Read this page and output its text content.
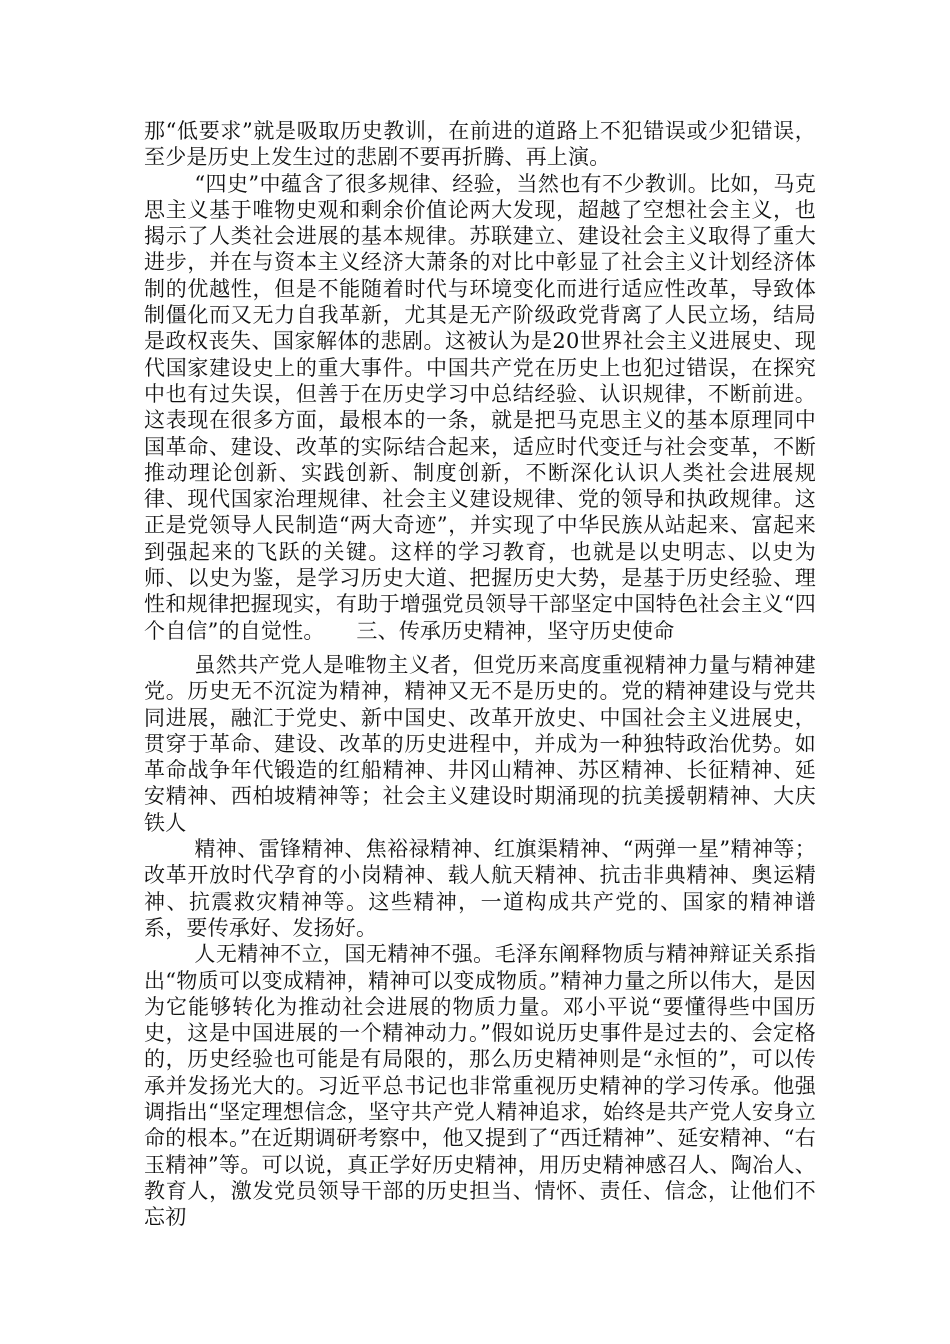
那“低要求”就是吸取历史教训，在前进的道路上不犯错误或少犯错误，至少是历史上发生过的悲剧不要再折腾、再上演。

“四史”中蕴含了很多规律、经验，当然也有不少教训。比如，马克思主义基于唯物史观和剩余价值论两大发现，超越了空想社会主义，也揭示了人类社会进展的基本规律。苏联建立、建设社会主义取得了重大进步，并在与资本主义经济大萧条的对比中彰显了社会主义计划经济体制的优越性，但是不能随着时代与环境变化而进行适应性改革，导致体制僵化而又无力自我革新，尤其是无产阶级政党背离了人民立场，结局是政权丧失、国家解体的悲剧。这被认为是20世界社会主义进展史、现代国家建设史上的重大事件。中国共产党在历史上也犯过错误，在探究中也有过失误，但善于在历史学习中总结经验、认识规律，不断前进。这表现在很多方面，最根本的一条，就是把马克思主义的基本原理同中国革命、建设、改革的实际结合起来，适应时代变迁与社会变革，不断推动理论创新、实践创新、制度创新，不断深化认识人类社会进展规律、现代国家治理规律、社会主义建设规律、党的领导和执政规律。这正是党领导人民制造“两大奇迹”，并实现了中华民族从站起来、富起来到强起来的飞跃的关键。这样的学习教育，也就是以史明志、以史为师、以史为鉴，是学习历史大道、把握历史大势，是基于历史经验、理性和规律把握现实，有助于增强党员领导干部坚定中国特色社会主义“四个自信”的自觉性。　　三、传承历史精神，坚守历史使命

虽然共产党人是唯物主义者，但党历来高度重视精神力量与精神建党。历史无不沉淀为精神，精神又无不是历史的。党的精神建设与党共同进展，融汇于党史、新中国史、改革开放史、中国社会主义进展史，贯穿于革命、建设、改革的历史进程中，并成为一种独特政治优势。如革命战争年代锻造的红船精神、井冈山精神、苏区精神、长征精神、延安精神、西柏坡精神等；社会主义建设时期涌现的抗美援朝精神、大庆铁人

精神、雷锋精神、焦裕禄精神、红旗渠精神、“两弹一星”精神等；改革开放时代孕育的小岗精神、载人航天精神、抗击非典精神、奥运精神、抗震救灾精神等。这些精神，一道构成共产党的、国家的精神谱系，要传承好、发扬好。

人无精神不立，国无精神不强。毛泽东阐释物质与精神辩证关系指出“物质可以变成精神，精神可以变成物质。”精神力量之所以伟大，是因为它能够转化为推动社会进展的物质力量。邓小平说“要懂得些中国历史，这是中国进展的一个精神动力。”假如说历史事件是过去的、会定格的，历史经验也可能是有局限的，那么历史精神则是“永恒的”，可以传承并发扬光大的。习近平总书记也非常重视历史精神的学习传承。他强调指出“坚定理想信念，坚守共产党人精神追求，始终是共产党人安身立命的根本。”在近期调研考察中，他又提到了“西迁精神”、延安精神、“右玉精神”等。可以说，真正学好历史精神，用历史精神感召人、陶冶人、教育人，激发党员领导干部的历史担当、情怀、责任、信念，让他们不忘初
